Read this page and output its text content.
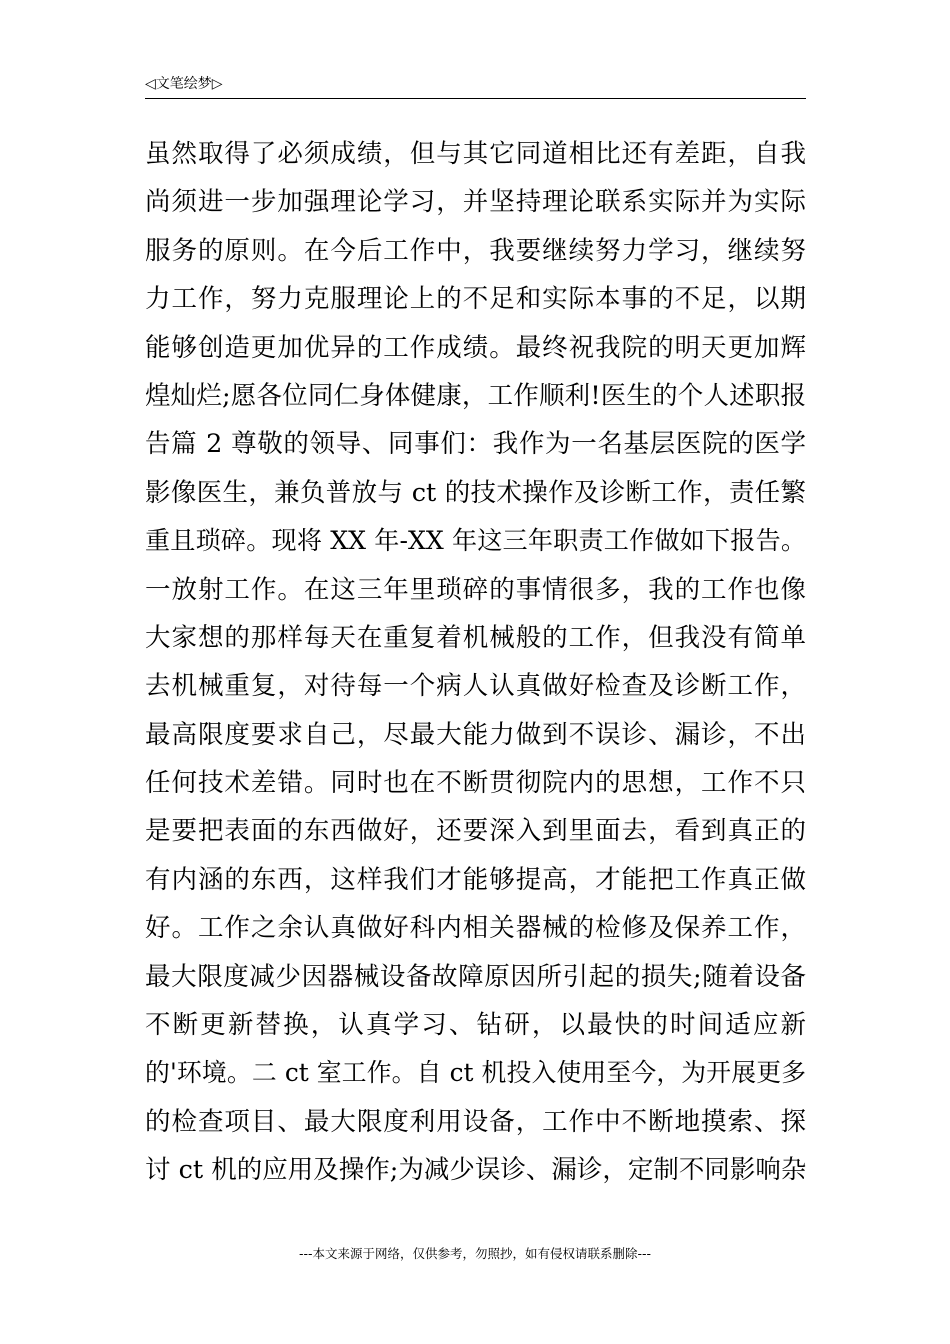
◁文笔绘梦▷
虽然取得了必须成绩，但与其它同道相比还有差距，自我
尚须进一步加强理论学习，并坚持理论联系实际并为实际
服务的原则。在今后工作中，我要继续努力学习，继续努
力工作，努力克服理论上的不足和实际本事的不足，以期
能够创造更加优异的工作成绩。最终祝我院的明天更加辉
煌灿烂;愿各位同仁身体健康，工作顺利!医生的个人述职报
告篇 2 尊敬的领导、同事们：我作为一名基层医院的医学
影像医生，兼负普放与 ct 的技术操作及诊断工作，责任繁
重且琐碎。现将 XX 年-XX 年这三年职责工作做如下报告。
一放射工作。在这三年里琐碎的事情很多，我的工作也像
大家想的那样每天在重复着机械般的工作，但我没有简单
去机械重复，对待每一个病人认真做好检查及诊断工作，
最高限度要求自己，尽最大能力做到不误诊、漏诊，不出
任何技术差错。同时也在不断贯彻院内的思想，工作不只
是要把表面的东西做好，还要深入到里面去，看到真正的
有内涵的东西，这样我们才能够提高，才能把工作真正做
好。工作之余认真做好科内相关器械的检修及保养工作，
最大限度减少因器械设备故障原因所引起的损失;随着设备
不断更新替换，认真学习、钻研，以最快的时间适应新
的'环境。二 ct 室工作。自 ct 机投入使用至今，为开展更多
的检查项目、最大限度利用设备，工作中不断地摸索、探
讨 ct 机的应用及操作;为减少误诊、漏诊，定制不同影响杂
---本文来源于网络，仅供参考，勿照抄，如有侵权请联系删除---
